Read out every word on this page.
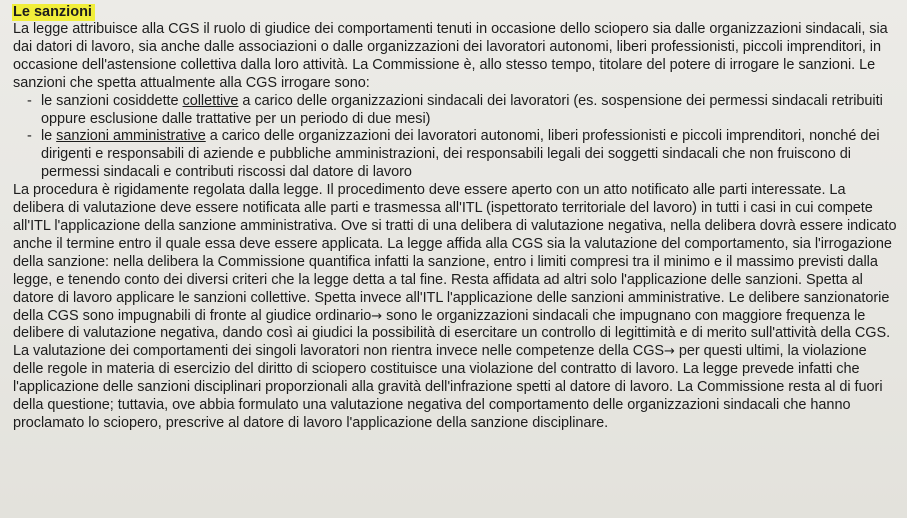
Le sanzioni

La legge attribuisce alla CGS il ruolo di giudice dei comportamenti tenuti in occasione dello sciopero sia dalle organizzazioni sindacali, sia dai datori di lavoro, sia anche dalle associazioni o dalle organizzazioni dei lavoratori autonomi, liberi professionisti, piccoli imprenditori, in occasione dell'astensione collettiva dalla loro attività. La Commissione è, allo stesso tempo, titolare del potere di irrogare le sanzioni. Le sanzioni che spetta attualmente alla CGS irrogare sono:

- le sanzioni cosiddette collettive a carico delle organizzazioni sindacali dei lavoratori (es. sospensione dei permessi sindacali retribuiti oppure esclusione dalle trattative per un periodo di due mesi)
- le sanzioni amministrative a carico delle organizzazioni dei lavoratori autonomi, liberi professionisti e piccoli imprenditori, nonché dei dirigenti e responsabili di aziende e pubbliche amministrazioni, dei responsabili legali dei soggetti sindacali che non fruiscono di permessi sindacali e contributi riscossi dal datore di lavoro

La procedura è rigidamente regolata dalla legge. Il procedimento deve essere aperto con un atto notificato alle parti interessate. La delibera di valutazione deve essere notificata alle parti e trasmessa all'ITL (ispettorato territoriale del lavoro) in tutti i casi in cui compete all'ITL l'applicazione della sanzione amministrativa. Ove si tratti di una delibera di valutazione negativa, nella delibera dovrà essere indicato anche il termine entro il quale essa deve essere applicata. La legge affida alla CGS sia la valutazione del comportamento, sia l'irrogazione della sanzione: nella delibera la Commissione quantifica infatti la sanzione, entro i limiti compresi tra il minimo e il massimo previsti dalla legge, e tenendo conto dei diversi criteri che la legge detta a tal fine. Resta affidata ad altri solo l'applicazione delle sanzioni. Spetta al datore di lavoro applicare le sanzioni collettive. Spetta invece all'ITL l'applicazione delle sanzioni amministrative. Le delibere sanzionatorie della CGS sono impugnabili di fronte al giudice ordinario→ sono le organizzazioni sindacali che impugnano con maggiore frequenza le delibere di valutazione negativa, dando così ai giudici la possibilità di esercitare un controllo di legittimità e di merito sull'attività della CGS. La valutazione dei comportamenti dei singoli lavoratori non rientra invece nelle competenze della CGS→ per questi ultimi, la violazione delle regole in materia di esercizio del diritto di sciopero costituisce una violazione del contratto di lavoro. La legge prevede infatti che l'applicazione delle sanzioni disciplinari proporzionali alla gravità dell'infrazione spetti al datore di lavoro. La Commissione resta al di fuori della questione; tuttavia, ove abbia formulato una valutazione negativa del comportamento delle organizzazioni sindacali che hanno proclamato lo sciopero, prescrive al datore di lavoro l'applicazione della sanzione disciplinare.
